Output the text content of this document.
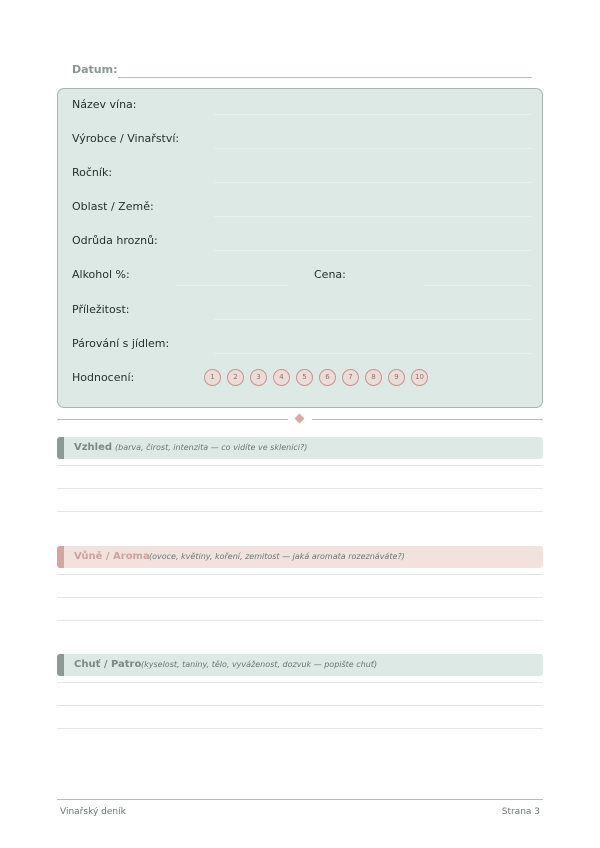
Datum:
Název vína:
Výrobce / Vinařství:
Ročník:
Oblast / Země:
Odrůda hroznů:
Alkohol %:	Cena:
Příležitost:
Párování s jídlem:
Hodnocení:	1	2	3	4	5	6	7	8	9	10
Vzhled (barva, čirost, intenzita — co vidíte ve sklenici?)
Vůně / Aroma (ovoce, květiny, koření, zemitost — jaká aromata rozeznáváte?)
Chuť / Patro (kyselost, taniny, tělo, vyváženost, dozvuk — popište chuť)
Vinařský deník	Strana 3
